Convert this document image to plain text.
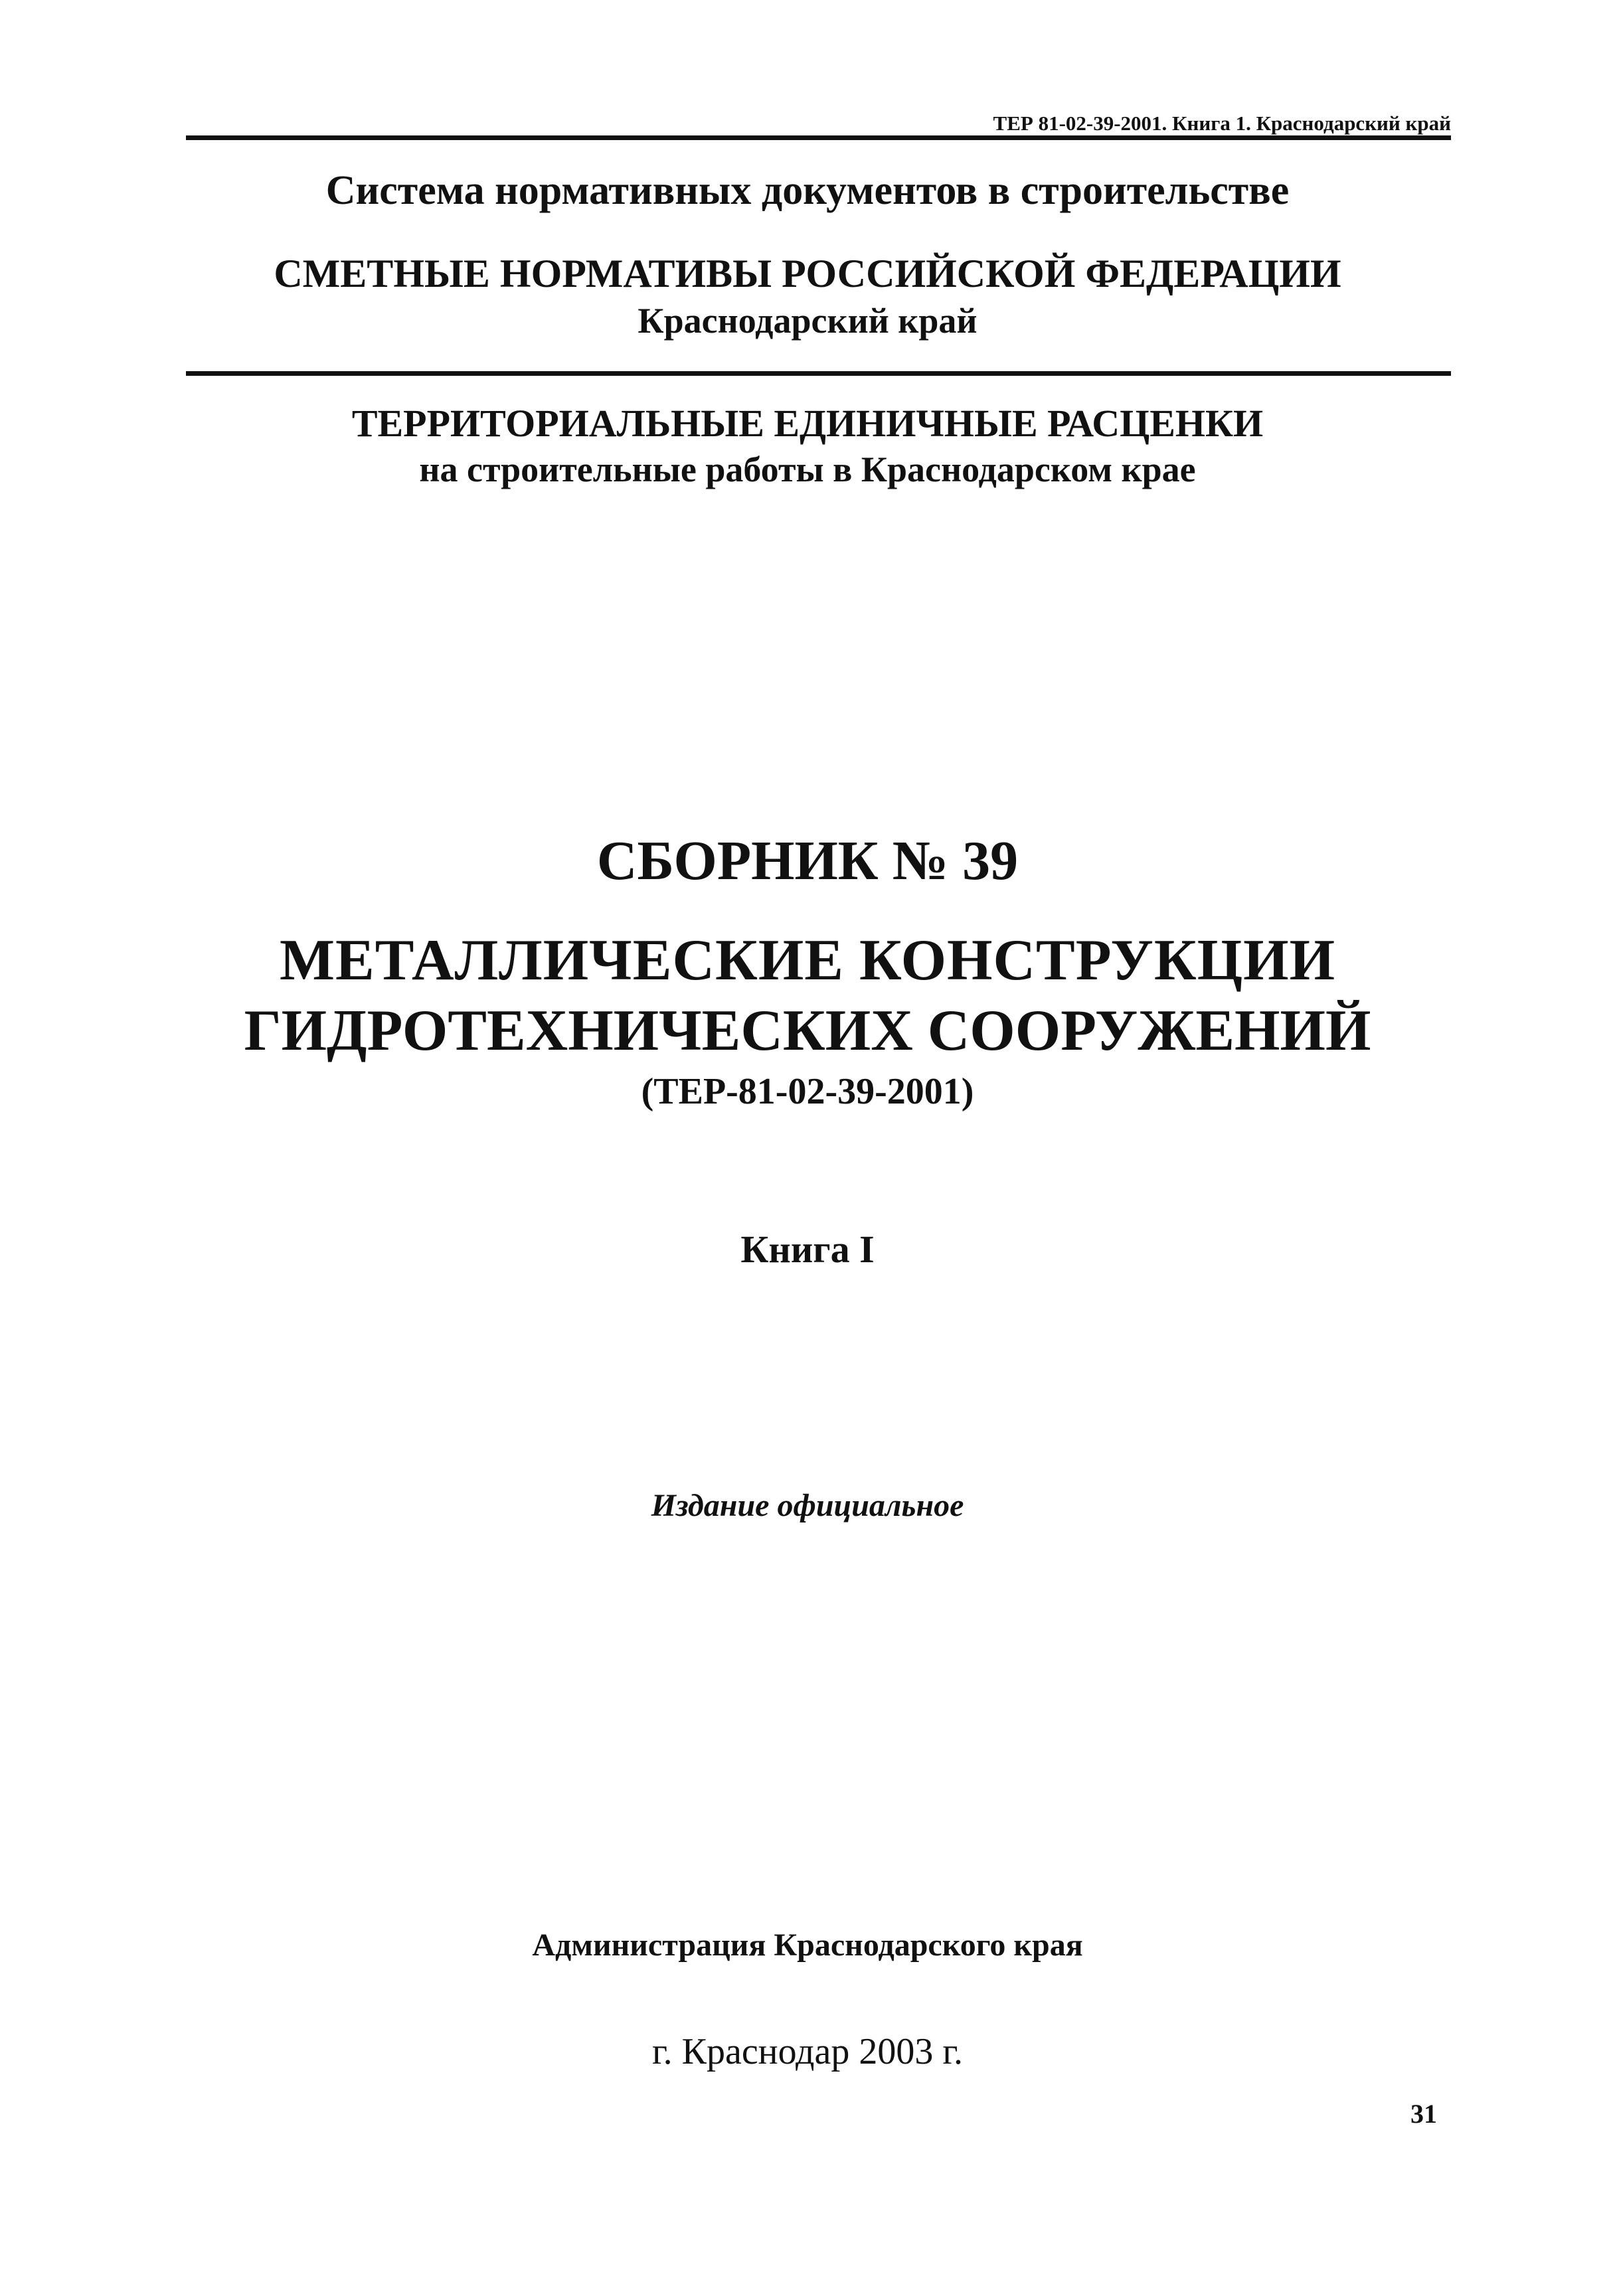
ТЕР 81-02-39-2001. Книга 1. Краснодарский край
Система нормативных документов в строительстве
СМЕТНЫЕ НОРМАТИВЫ РОССИЙСКОЙ ФЕДЕРАЦИИ
Краснодарский край
ТЕРРИТОРИАЛЬНЫЕ ЕДИНИЧНЫЕ РАСЦЕНКИ
на строительные работы в Краснодарском крае
СБОРНИК № 39
МЕТАЛЛИЧЕСКИЕ КОНСТРУКЦИИ
ГИДРОТЕХНИЧЕСКИХ СООРУЖЕНИЙ
(ТЕР-81-02-39-2001)
Книга I
Издание официальное
Администрация Краснодарского края
г. Краснодар 2003 г.
31
